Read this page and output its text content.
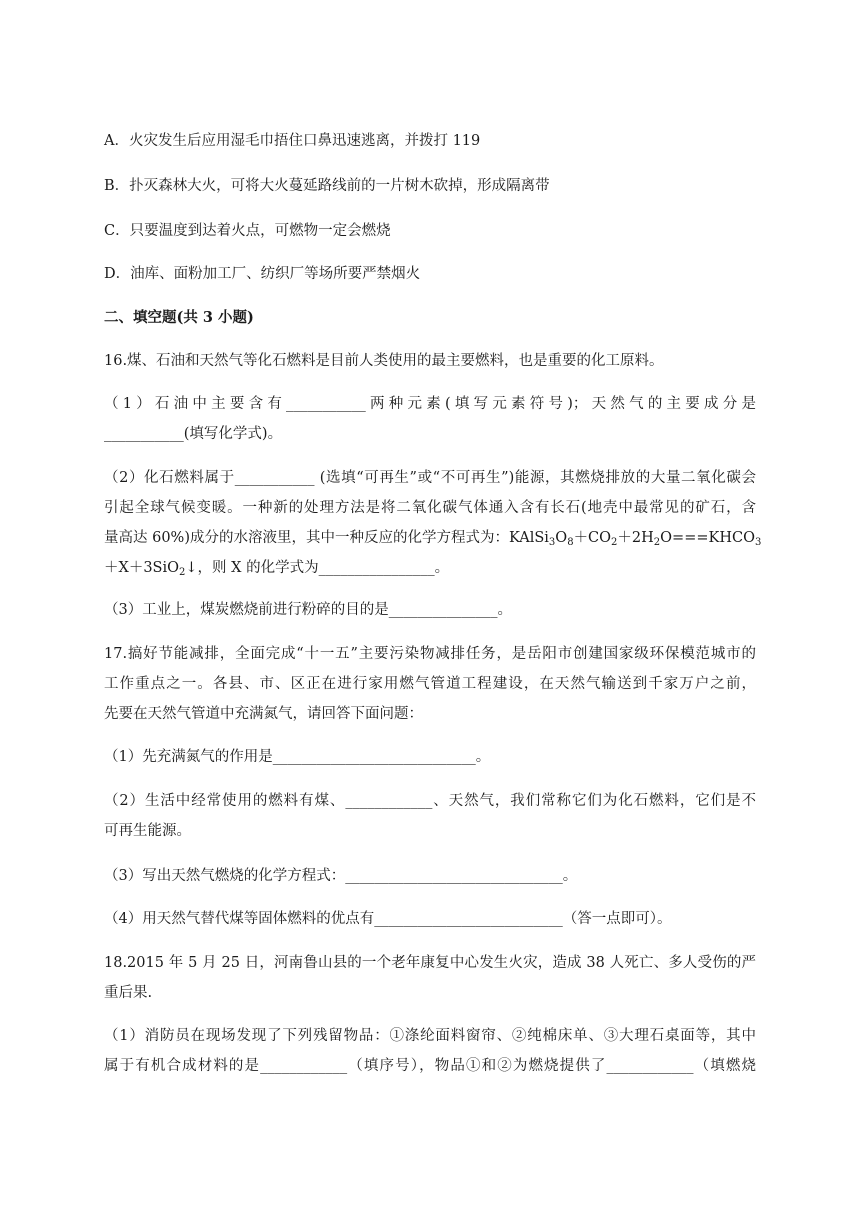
A．火灾发生后应用湿毛巾捂住口鼻迅速逃离，并拨打 119

B．扑灭森林大火，可将大火蔓延路线前的一片树木砍掉，形成隔离带

C．只要温度到达着火点，可燃物一定会燃烧

D．油库、面粉加工厂、纺织厂等场所要严禁烟火

二、填空题(共 3 小题)

16.煤、石油和天然气等化石燃料是目前人类使用的最主要燃料，也是重要的化工原料。

（1）石油中主要含有___________两种元素(填写元素符号)；天然气的主要成分是

___________(填写化学式)。

（2）化石燃料属于___________ (选填“可再生”或“不可再生”)能源，其燃烧排放的大量二氧化碳会

引起全球气候变暖。一种新的处理方法是将二氧化碳气体通入含有长石(地壳中最常见的矿石，含

量高达 60%)成分的水溶液里，其中一种反应的化学方程式为：$KAlSi_3O_8+CO_2+2H_2O===KHCO_3$

＋X＋3SiO$_2$↓，则 X 的化学式为________________。

（3）工业上，煤炭燃烧前进行粉碎的目的是_______________。

17.搞好节能减排，全面完成“十一五”主要污染物减排任务，是岳阳市创建国家级环保模范城市的

工作重点之一。各县、市、区正在进行家用燃气管道工程建设，在天然气输送到千家万户之前，

先要在天然气管道中充满氮气，请回答下面问题：

（1）先充满氮气的作用是____________________________。

（2）生活中经常使用的燃料有煤、____________、天然气，我们常称它们为化石燃料，它们是不

可再生能源。

（3）写出天然气燃烧的化学方程式：______________________________。

（4）用天然气替代煤等固体燃料的优点有__________________________（答一点即可）。

18.2015 年 5 月 25 日，河南鲁山县的一个老年康复中心发生火灾，造成 38 人死亡、多人受伤的严

重后果.

（1）消防员在现场发现了下列残留物品：①涤纶面料窗帘、②纯棉床单、③大理石桌面等，其中

属于有机合成材料的是____________（填序号），物品①和②为燃烧提供了____________（填燃烧
